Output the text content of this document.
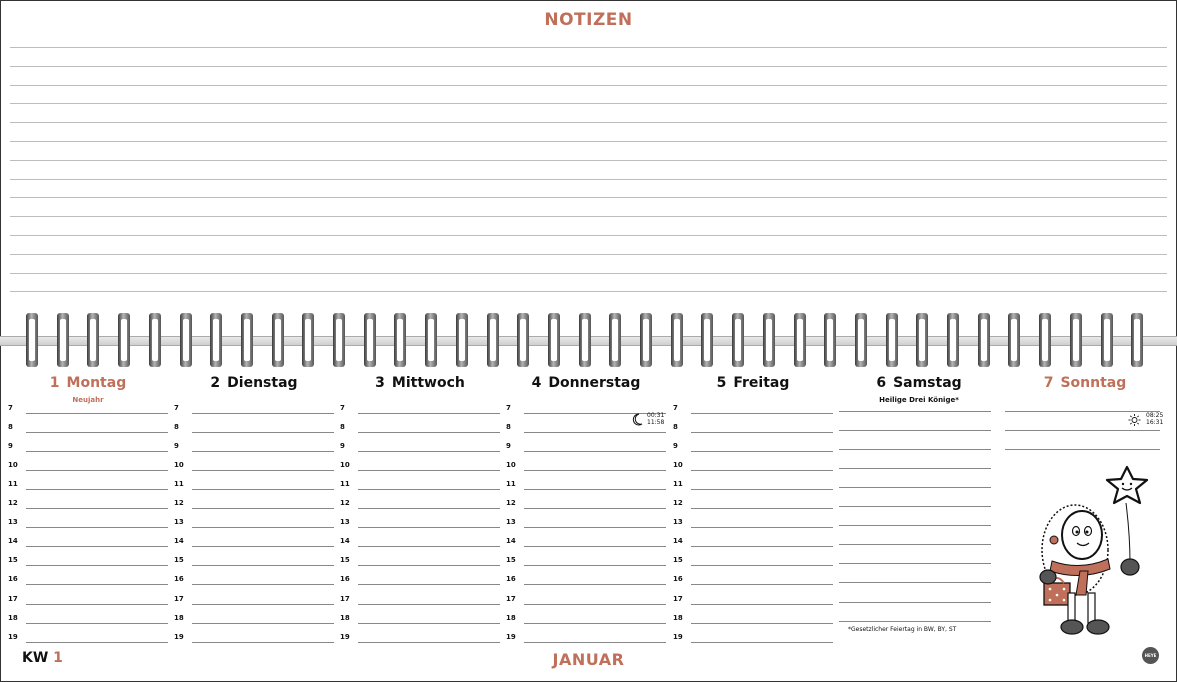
NOTIZEN
1 Montag
Neujahr
7
8
9
10
11
12
13
14
15
16
17
18
19
2 Dienstag
7
8
9
10
11
12
13
14
15
16
17
18
19
3 Mittwoch
7
8
9
10
11
12
13
14
15
16
17
18
19
4 Donnerstag
7
8
9
10
11
12
13
14
15
16
17
18
19
5 Freitag
7
8
9
10
11
12
13
14
15
16
17
18
19
6 Samstag
Heilige Drei Könige*
7 Sonntag
00:31
11:58
08:25
16:31
*Gesetzlicher Feiertag in BW, BY, ST
KW 1	JANUAR	HEYE
